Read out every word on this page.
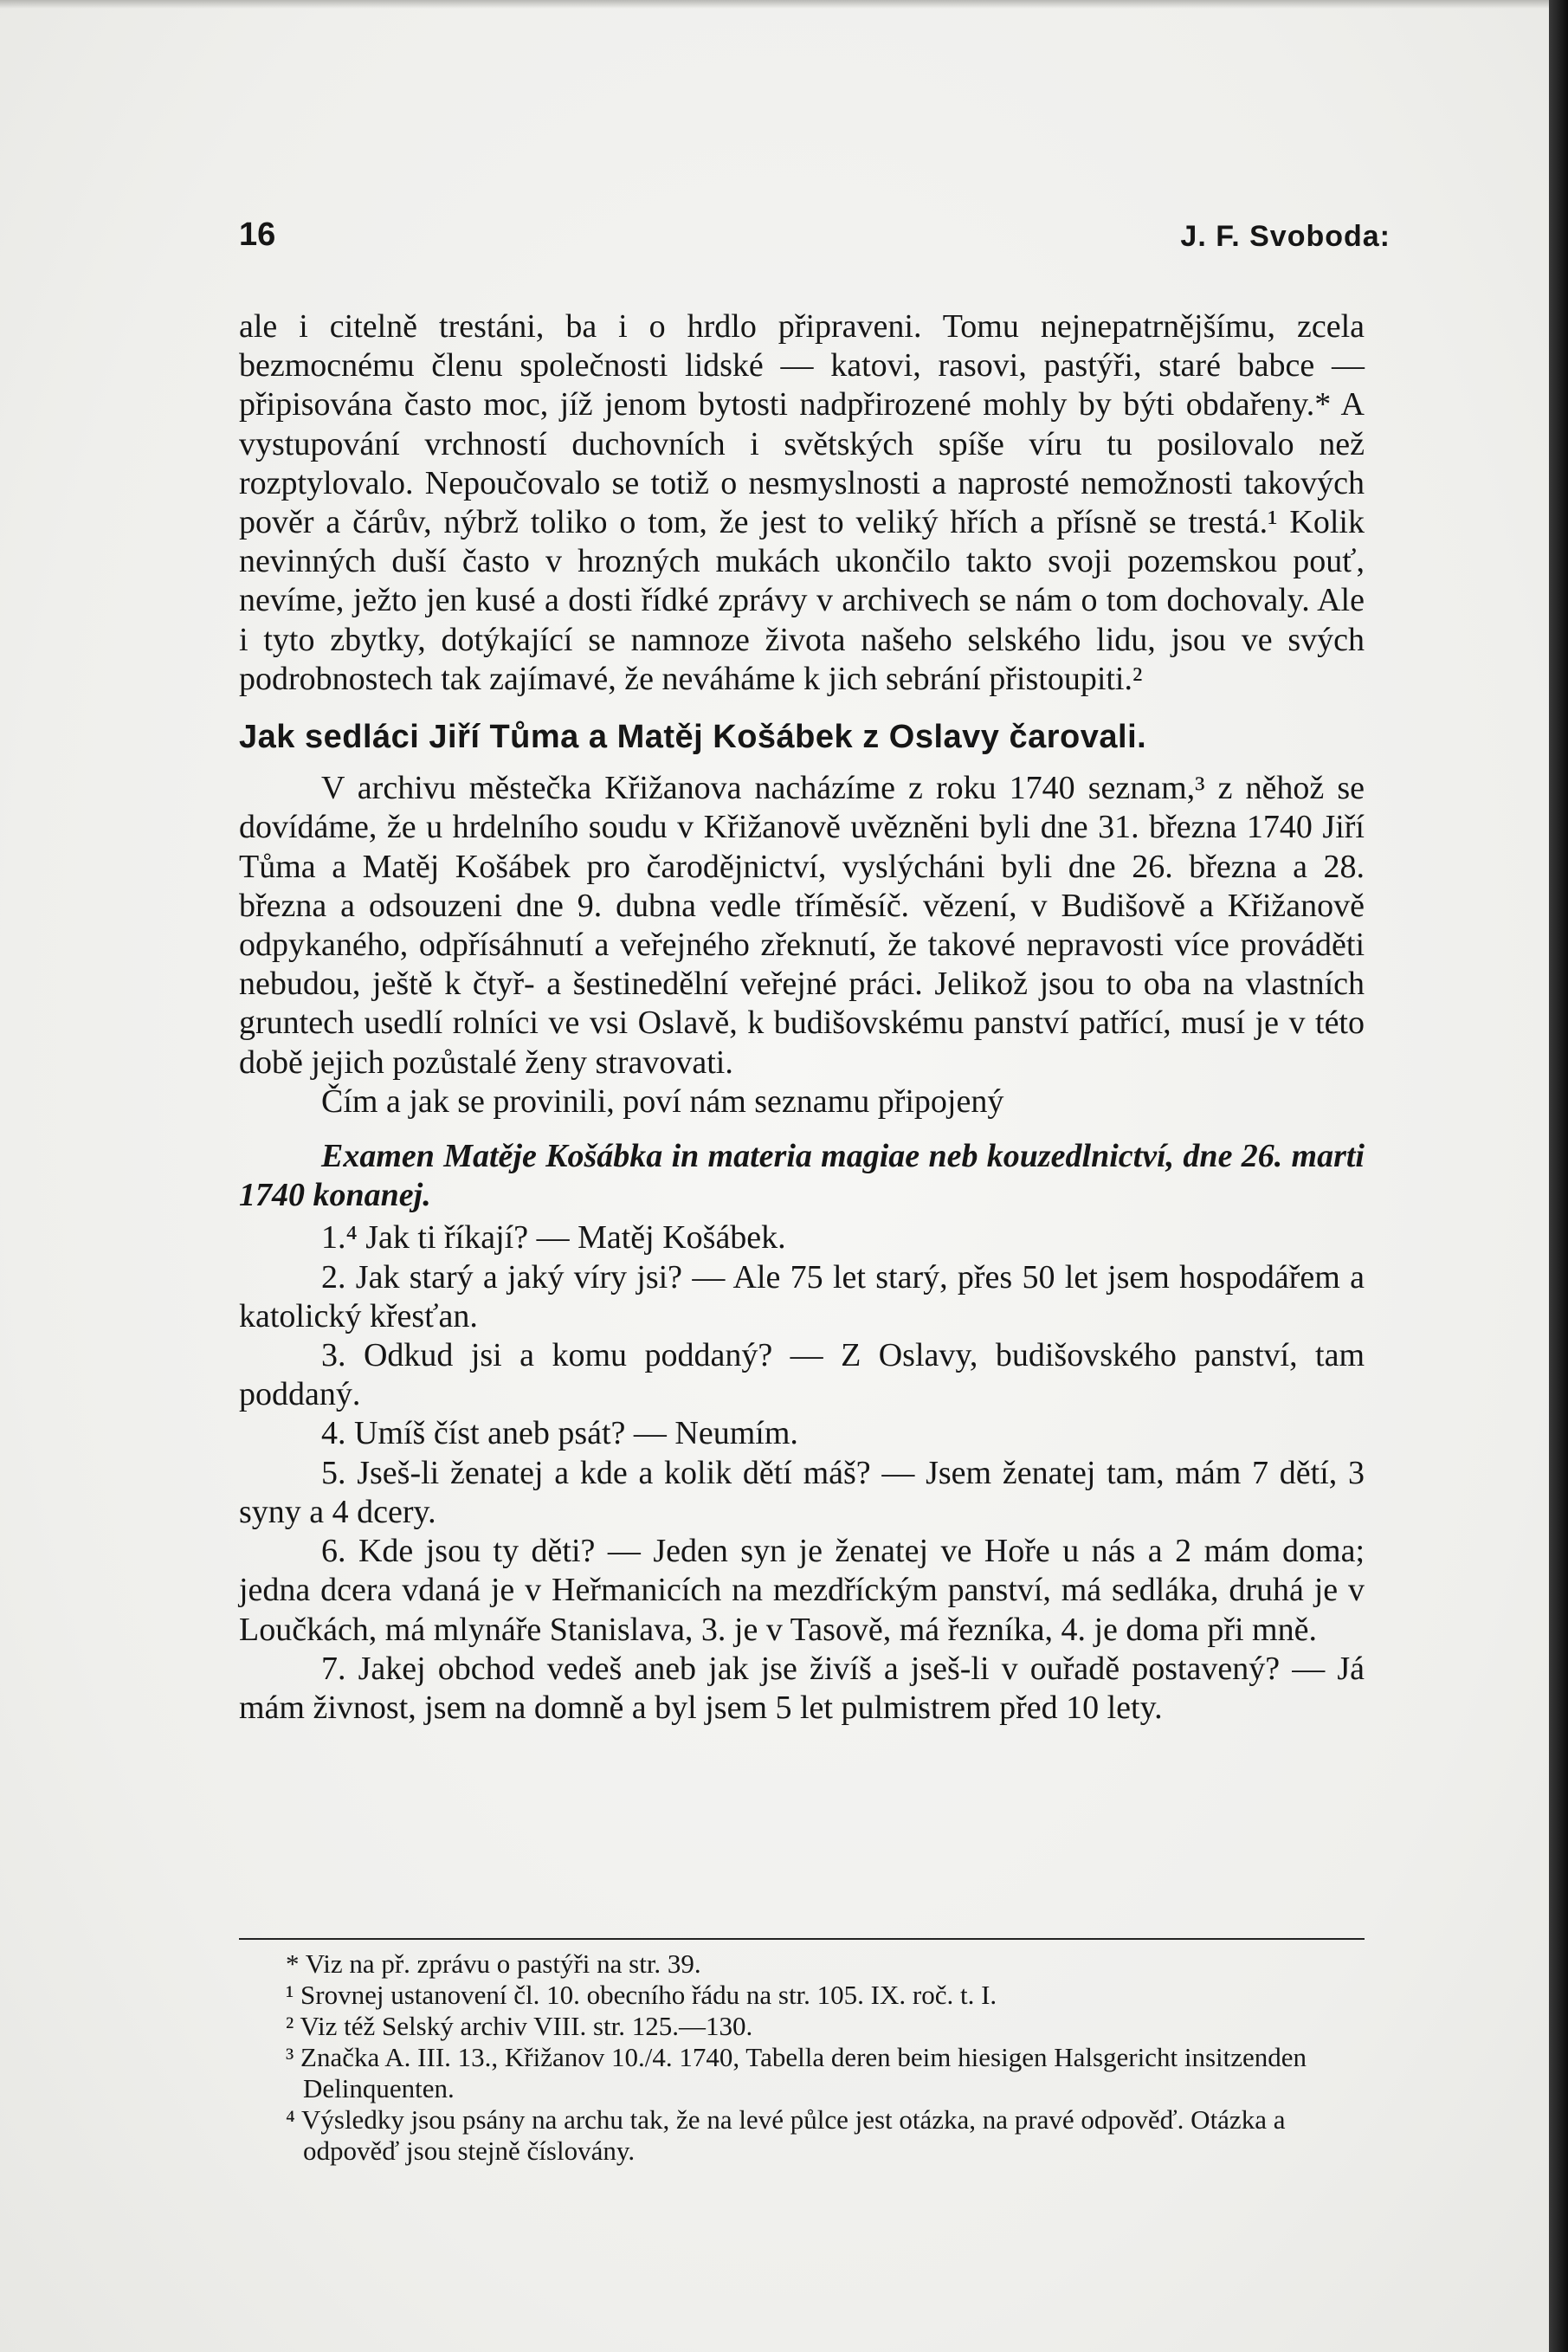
16	J. F. Svoboda:

ale i citelně trestáni, ba i o hrdlo připraveni. Tomu nejnepatrnějšímu, zcela bezmocnému členu společnosti lidské — katovi, rasovi, pastýři, staré babce — připisována často moc, jíž jenom bytosti nadpřirozené mohly by býti obdařeny.* A vystupování vrchností duchovních i světských spíše víru tu posilovalo než rozptylovalo. Nepoučovalo se totiž o nesmyslnosti a naprosté nemožnosti takových pověr a čárův, nýbrž toliko o tom, že jest to veliký hřích a přísně se trestá.¹ Kolik nevinných duší často v hrozných mukách ukončilo takto svoji pozemskou pouť, nevíme, ježto jen kusé a dosti řídké zprávy v archivech se nám o tom dochovaly. Ale i tyto zbytky, dotýkající se namnoze života našeho selského lidu, jsou ve svých podrobnostech tak zajímavé, že neváháme k jich sebrání přistoupiti.²

Jak sedláci Jiří Tůma a Matěj Košábek z Oslavy čarovali.

V archivu městečka Křižanova nacházíme z roku 1740 seznam,³ z něhož se dovídáme, že u hrdelního soudu v Křižanově uvězněni byli dne 31. března 1740 Jiří Tůma a Matěj Košábek pro čarodějnictví, vyslýcháni byli dne 26. března a 28. března a odsouzeni dne 9. dubna vedle tříměsíč. vězení, v Budišově a Křižanově odpykaného, odpřísáhnutí a veřejného zřeknutí, že takové nepravosti více prováděti nebudou, ještě k čtyř- a šestinedělní veřejné práci. Jelikož jsou to oba na vlastních gruntech usedlí rolníci ve vsi Oslavě, k budišovskému panství patřící, musí je v této době jejich pozůstalé ženy stravovati.

Čím a jak se provinili, poví nám seznamu připojený

Examen Matěje Košábka in materia magiae neb kouzedlnictví, dne 26. marti 1740 konanej.

1.⁴ Jak ti říkají? — Matěj Košábek.

2. Jak starý a jaký víry jsi? — Ale 75 let starý, přes 50 let jsem hospodářem a katolický křesťan.

3. Odkud jsi a komu poddaný? — Z Oslavy, budišovského panství, tam poddaný.

4. Umíš číst aneb psát? — Neumím.

5. Jseš-li ženatej a kde a kolik dětí máš? — Jsem ženatej tam, mám 7 dětí, 3 syny a 4 dcery.

6. Kde jsou ty děti? — Jeden syn je ženatej ve Hoře u nás a 2 mám doma; jedna dcera vdaná je v Heřmanicích na mezdříckým panství, má sedláka, druhá je v Loučkách, má mlynáře Stanislava, 3. je v Tasově, má řezníka, 4. je doma při mně.

7. Jakej obchod vedeš aneb jak jse živíš a jseš-li v ouřadě postavený? — Já mám živnost, jsem na domně a byl jsem 5 let pulmistrem před 10 lety.

* Viz na př. zprávu o pastýři na str. 39.

¹ Srovnej ustanovení čl. 10. obecního řádu na str. 105. IX. roč. t. I.

² Viz též Selský archiv VIII. str. 125.—130.

³ Značka A. III. 13., Křižanov 10./4. 1740, Tabella deren beim hiesigen Halsgericht insitzenden Delinquenten.

⁴ Výsledky jsou psány na archu tak, že na levé půlce jest otázka, na pravé odpověď. Otázka a odpověď jsou stejně číslovány.
